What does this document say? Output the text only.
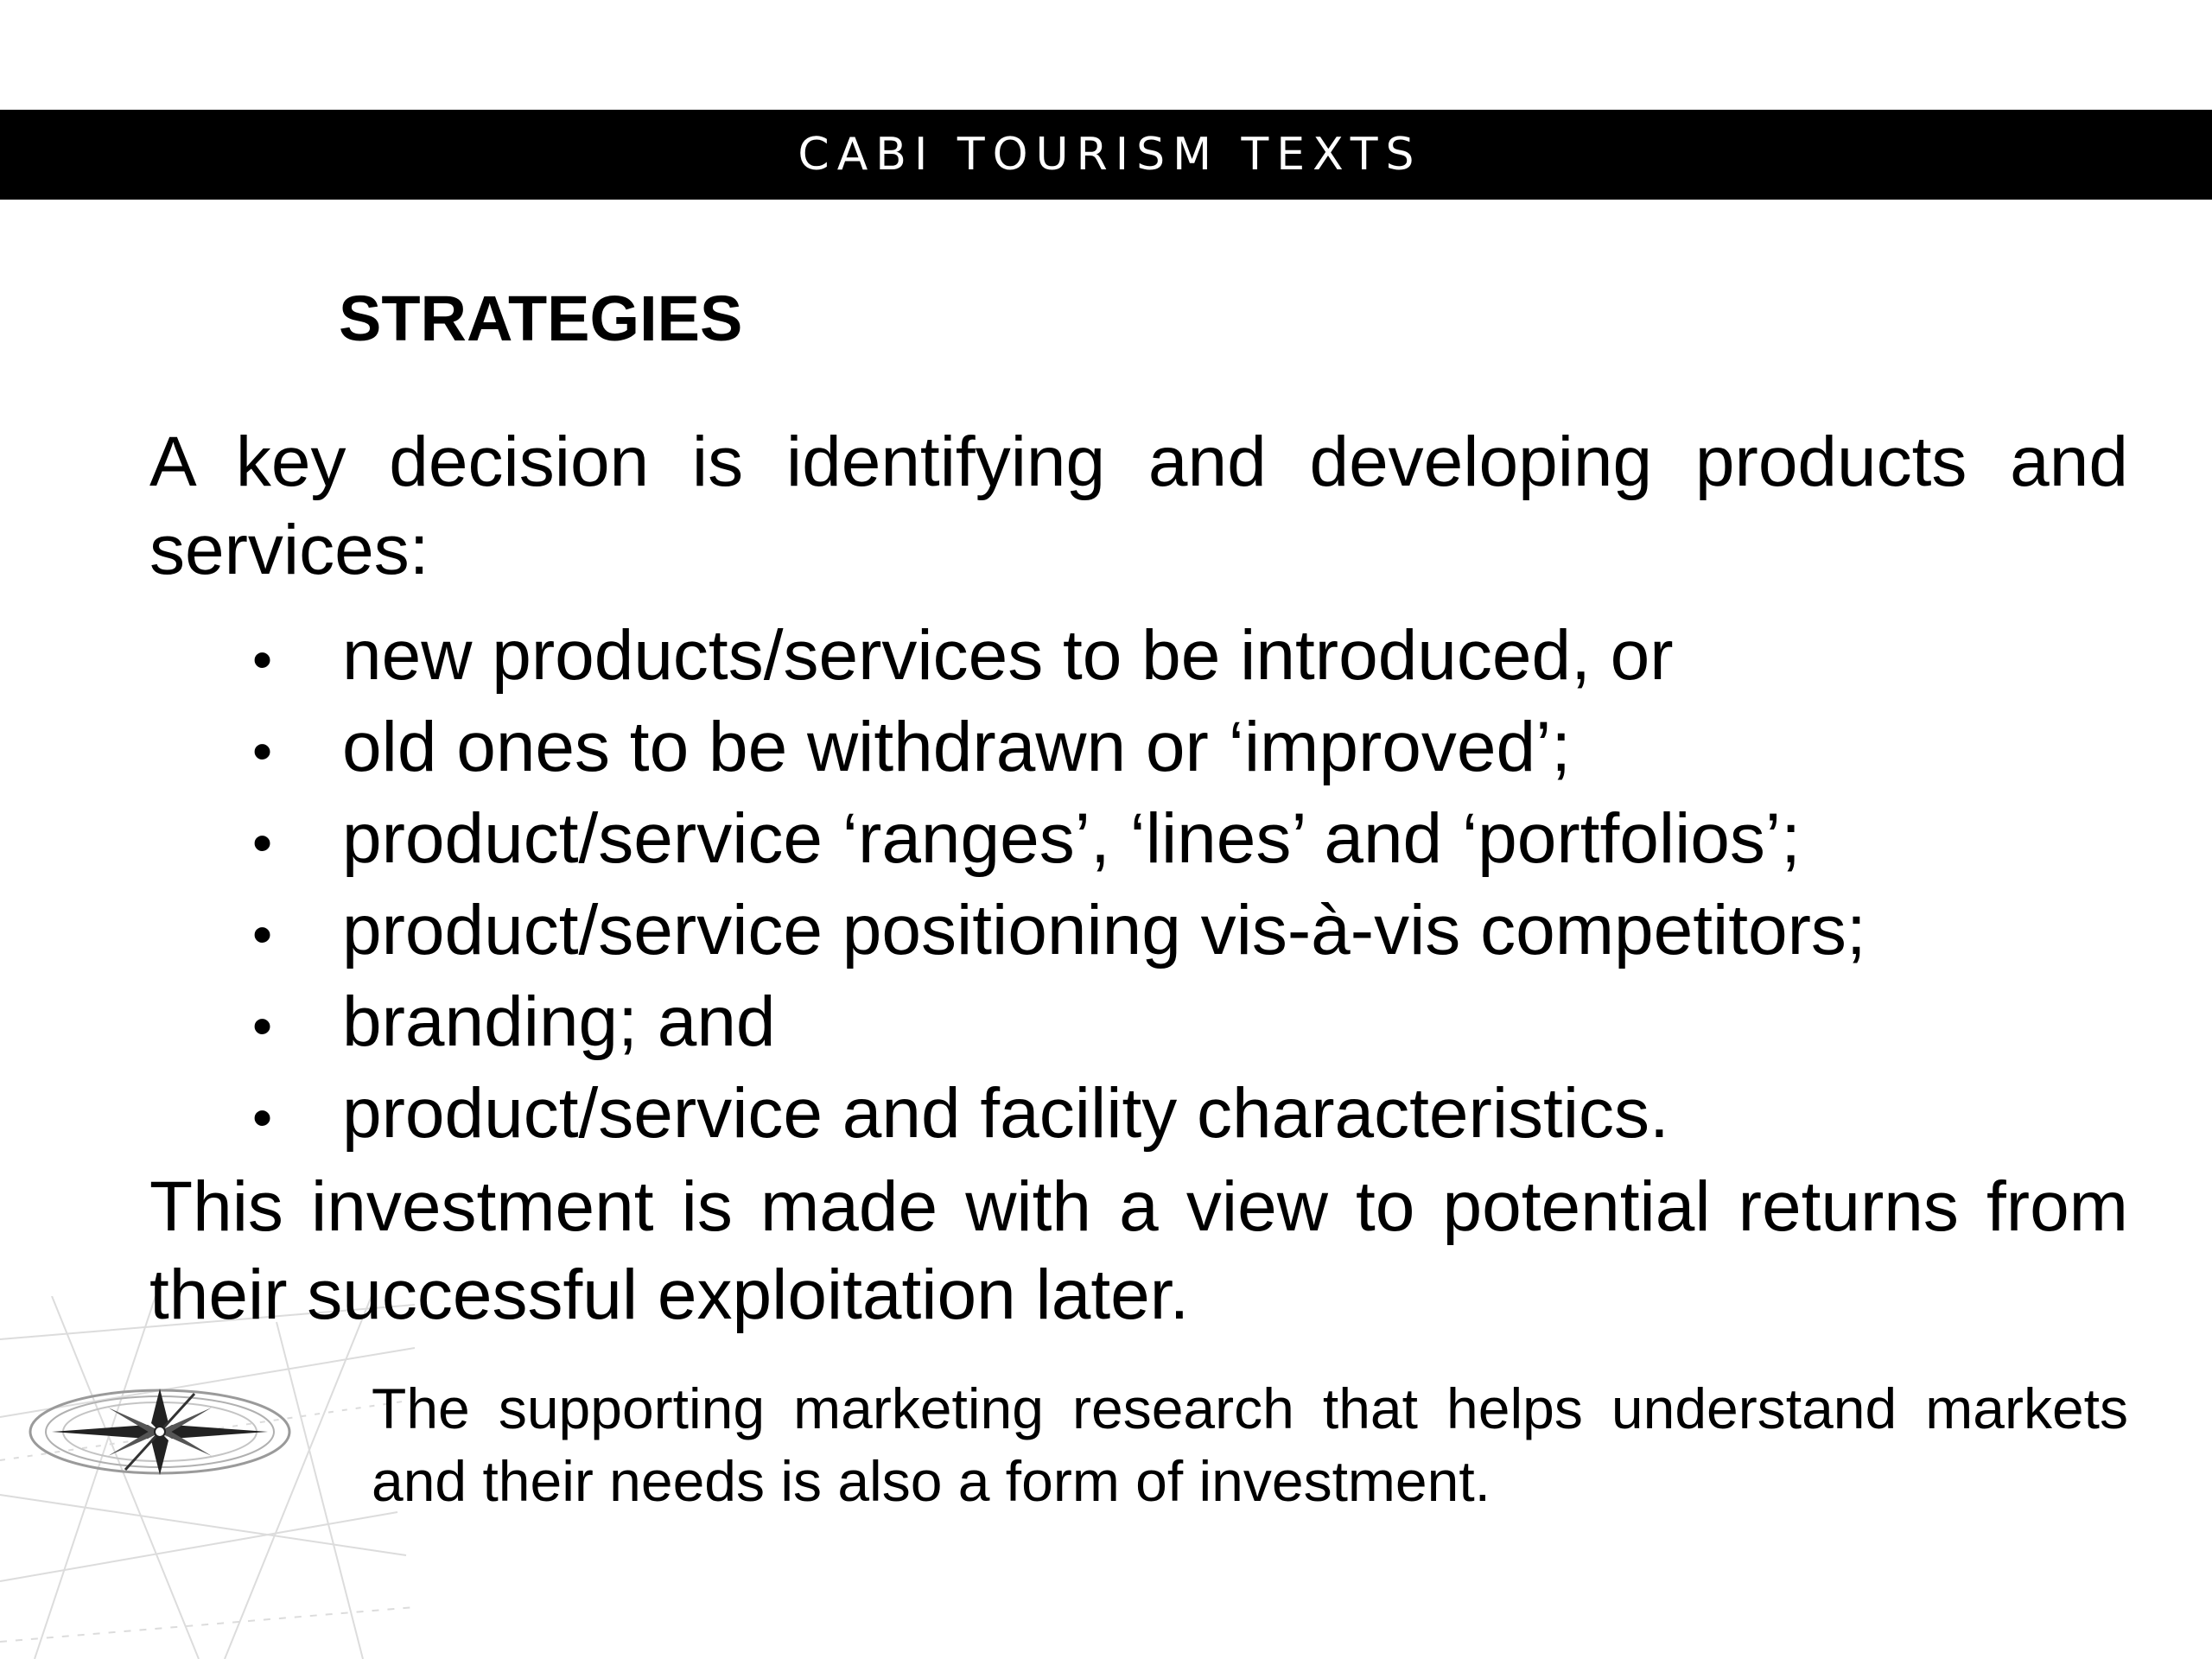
CABI TOURISM TEXTS
STRATEGIES

A key decision is identifying and developing products and services:

• new products/services to be introduced, or
• old ones to be withdrawn or ‘improved’;
• product/service ‘ranges’, ‘lines’ and ‘portfolios’;
• product/service positioning vis-à-vis competitors;
• branding; and
• product/service and facility characteristics.

This investment is made with a view to potential returns from their successful exploitation later.

The supporting marketing research that helps understand markets and their needs is also a form of investment.
